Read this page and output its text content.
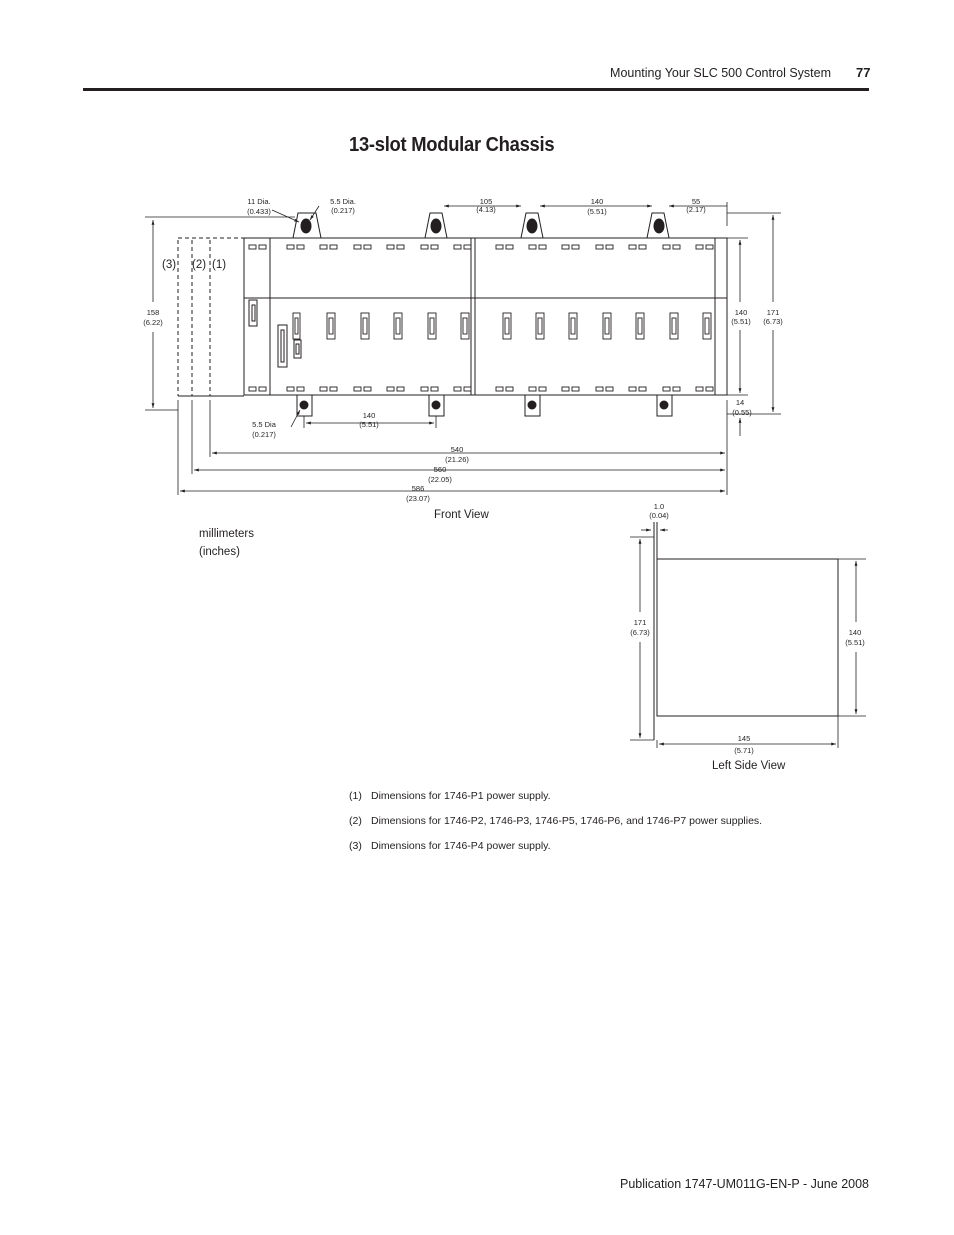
Mounting Your SLC 500 Control System 77
13-slot Modular Chassis
11 Dia.
(0.433)
5.5 Dia.
(0.217)
105
(4.13)
140
(5.51)
55
(2.17)
158
(6.22)
140
(5.51)
171
(6.73)
14
(0.55)
5.5 Dia
(0.217)
140
(5.51)
540
(21.26)
560
(22.05)
586
(23.07)
(3) (2) (1)
Front View
millimeters
(inches)
Left Side View
1.0
(0.04)
171
(6.73)	140
(5.51)
145
(5.71)
(1) Dimensions for 1746-P1 power supply.
(2) Dimensions for 1746-P2, 1746-P3, 1746-P5, 1746-P6, and 1746-P7 power supplies.
(3) Dimensions for 1746-P4 power supply.
Publication 1747-UM011G-EN-P - June 2008
